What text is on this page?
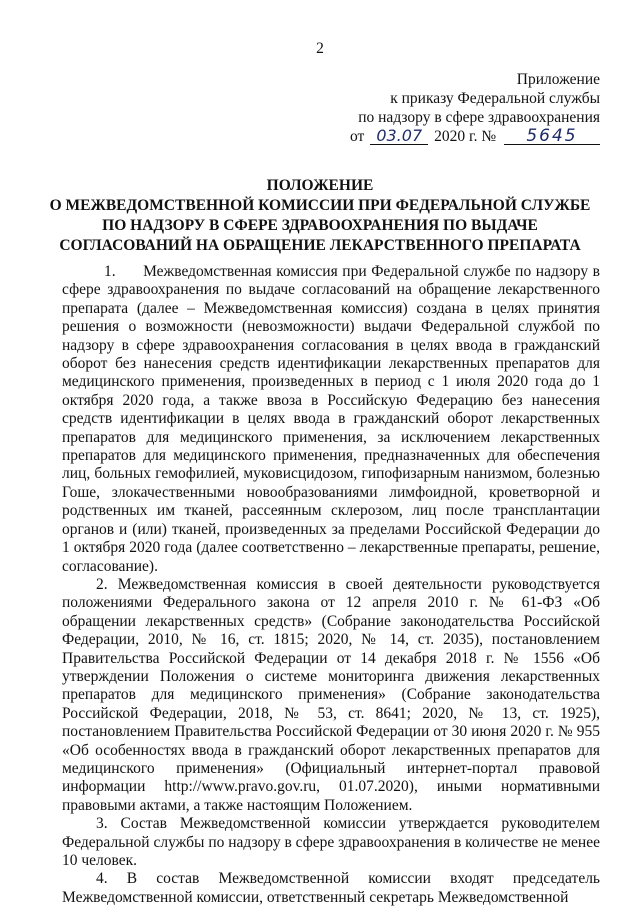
2
Приложение
к приказу Федеральной службы
по надзору в сфере здравоохранения
от 03.07 2020 г. № 5645
ПОЛОЖЕНИЕ
О МЕЖВЕДОМСТВЕННОЙ КОМИССИИ ПРИ ФЕДЕРАЛЬНОЙ СЛУЖБЕ
ПО НАДЗОРУ В СФЕРЕ ЗДРАВООХРАНЕНИЯ ПО ВЫДАЧЕ
СОГЛАСОВАНИЙ НА ОБРАЩЕНИЕ ЛЕКАРСТВЕННОГО ПРЕПАРАТА

1.      Межведомственная комиссия при Федеральной службе по надзору в сфере здравоохранения по выдаче согласований на обращение лекарственного препарата (далее – Межведомственная комиссия) создана в целях принятия решения о возможности (невозможности) выдачи Федеральной службой по надзору в сфере здравоохранения согласования в целях ввода в гражданский оборот без нанесения средств идентификации лекарственных препаратов для медицинского применения, произведенных в период с 1 июля 2020 года до 1 октября 2020 года, а также ввоза в Российскую Федерацию без нанесения средств идентификации в целях ввода в гражданский оборот лекарственных препаратов для медицинского применения, за исключением лекарственных препаратов для медицинского применения, предназначенных для обеспечения лиц, больных гемофилией, муковисцидозом, гипофизарным нанизмом, болезнью Гоше, злокачественными новообразованиями лимфоидной, кроветворной и родственных им тканей, рассеянным склерозом, лиц после трансплантации органов и (или) тканей, произведенных за пределами Российской Федерации до 1 октября 2020 года (далее соответственно – лекарственные препараты, решение, согласование).

2. Межведомственная комиссия в своей деятельности руководствуется положениями Федерального закона от 12 апреля 2010 г. № 61-ФЗ «Об обращении лекарственных средств» (Собрание законодательства Российской Федерации, 2010, № 16, ст. 1815; 2020, № 14, ст. 2035), постановлением Правительства Российской Федерации от 14 декабря 2018 г. № 1556 «Об утверждении Положения о системе мониторинга движения лекарственных препаратов для медицинского применения» (Собрание законодательства Российской Федерации, 2018, № 53, ст. 8641; 2020, № 13, ст. 1925), постановлением Правительства Российской Федерации от 30 июня 2020 г. № 955 «Об особенностях ввода в гражданский оборот лекарственных препаратов для медицинского применения» (Официальный интернет-портал правовой информации http://www.pravo.gov.ru, 01.07.2020), иными нормативными правовыми актами, а также настоящим Положением.

3. Состав Межведомственной комиссии утверждается руководителем Федеральной службы по надзору в сфере здравоохранения в количестве не менее 10 человек.

4. В состав Межведомственной комиссии входят председатель Межведомственной комиссии, ответственный секретарь Межведомственной
